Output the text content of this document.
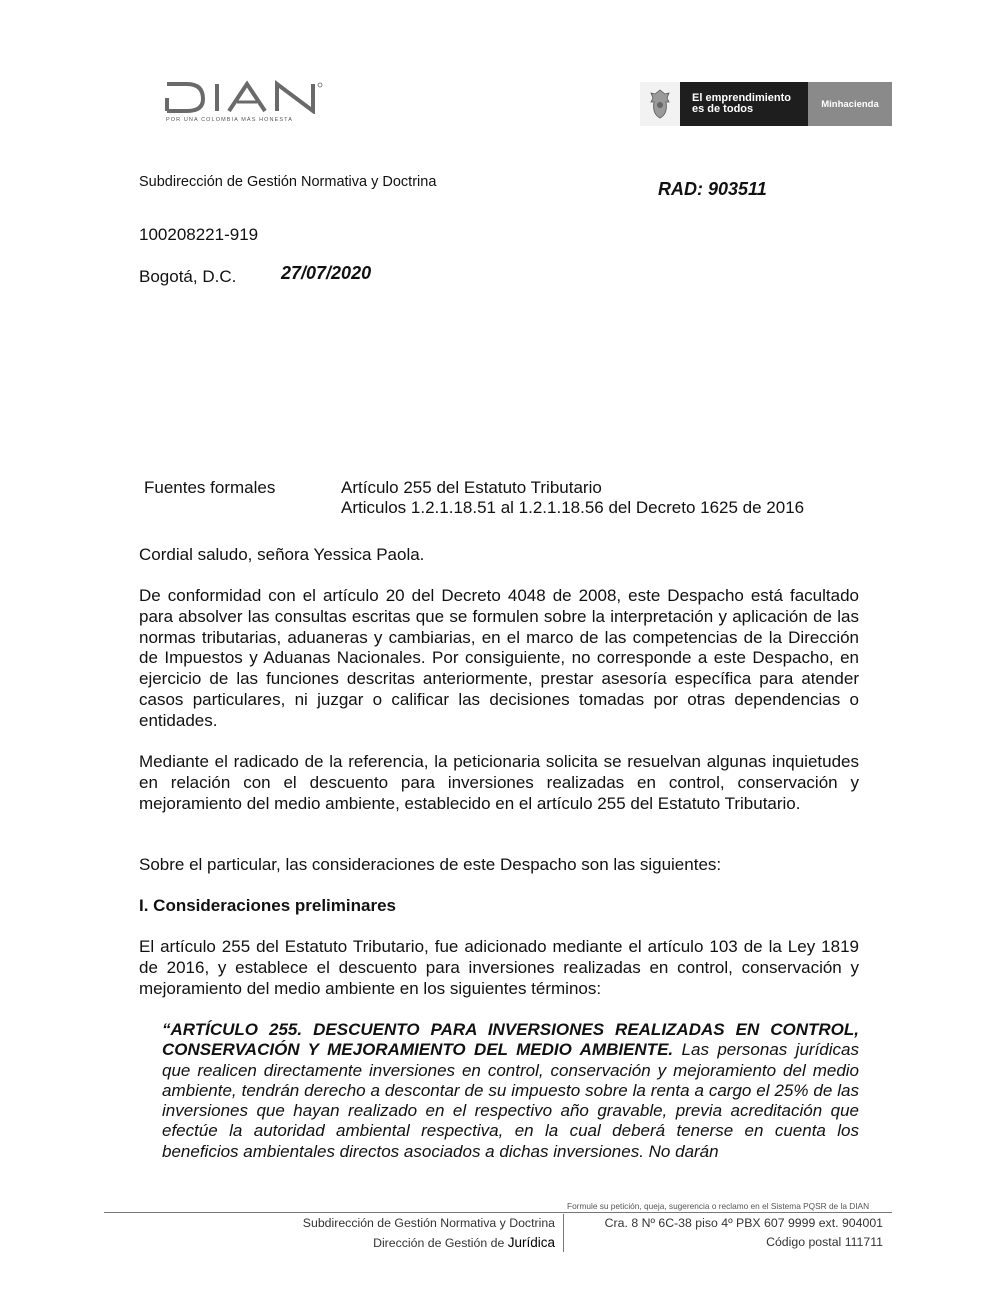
POR UNA COLOMBIA MÁS HONESTA
El emprendimiento
es de todos	Minhacienda
Subdirección de Gestión Normativa y Doctrina	RAD: 903511
100208221-919
Bogotá, D.C. 27/07/2020
Fuentes formales	Artículo 255 del Estatuto Tributario
Articulos 1.2.1.18.51 al 1.2.1.18.56 del Decreto 1625 de 2016
Cordial saludo, señora Yessica Paola.
De conformidad con el artículo 20 del Decreto 4048 de 2008, este Despacho está facultado para absolver las consultas escritas que se formulen sobre la interpretación y aplicación de las normas tributarias, aduaneras y cambiarias, en el marco de las competencias de la Dirección de Impuestos y Aduanas Nacionales. Por consiguiente, no corresponde a este Despacho, en ejercicio de las funciones descritas anteriormente, prestar asesoría específica para atender casos particulares, ni juzgar o calificar las decisiones tomadas por otras dependencias o entidades.
Mediante el radicado de la referencia, la peticionaria solicita se resuelvan algunas inquietudes en relación con el descuento para inversiones realizadas en control, conservación y mejoramiento del medio ambiente, establecido en el artículo 255 del Estatuto Tributario.
Sobre el particular, las consideraciones de este Despacho son las siguientes:
I. Consideraciones preliminares
El artículo 255 del Estatuto Tributario, fue adicionado mediante el artículo 103 de la Ley 1819 de 2016, y establece el descuento para inversiones realizadas en control, conservación y mejoramiento del medio ambiente en los siguientes términos:
“ARTÍCULO 255. DESCUENTO PARA INVERSIONES REALIZADAS EN CONTROL, CONSERVACIÓN Y MEJORAMIENTO DEL MEDIO AMBIENTE. Las personas jurídicas que realicen directamente inversiones en control, conservación y mejoramiento del medio ambiente, tendrán derecho a descontar de su impuesto sobre la renta a cargo el 25% de las inversiones que hayan realizado en el respectivo año gravable, previa acreditación que efectúe la autoridad ambiental respectiva, en la cual deberá tenerse en cuenta los beneficios ambientales directos asociados a dichas inversiones. No darán
Formule su petición, queja, sugerencia o reclamo en el Sistema PQSR de la DIAN
Subdirección de Gestión Normativa y Doctrina
Dirección de Gestión de Jurídica
Cra. 8 Nº 6C-38 piso 4º PBX 607 9999 ext. 904001
Código postal 111711
